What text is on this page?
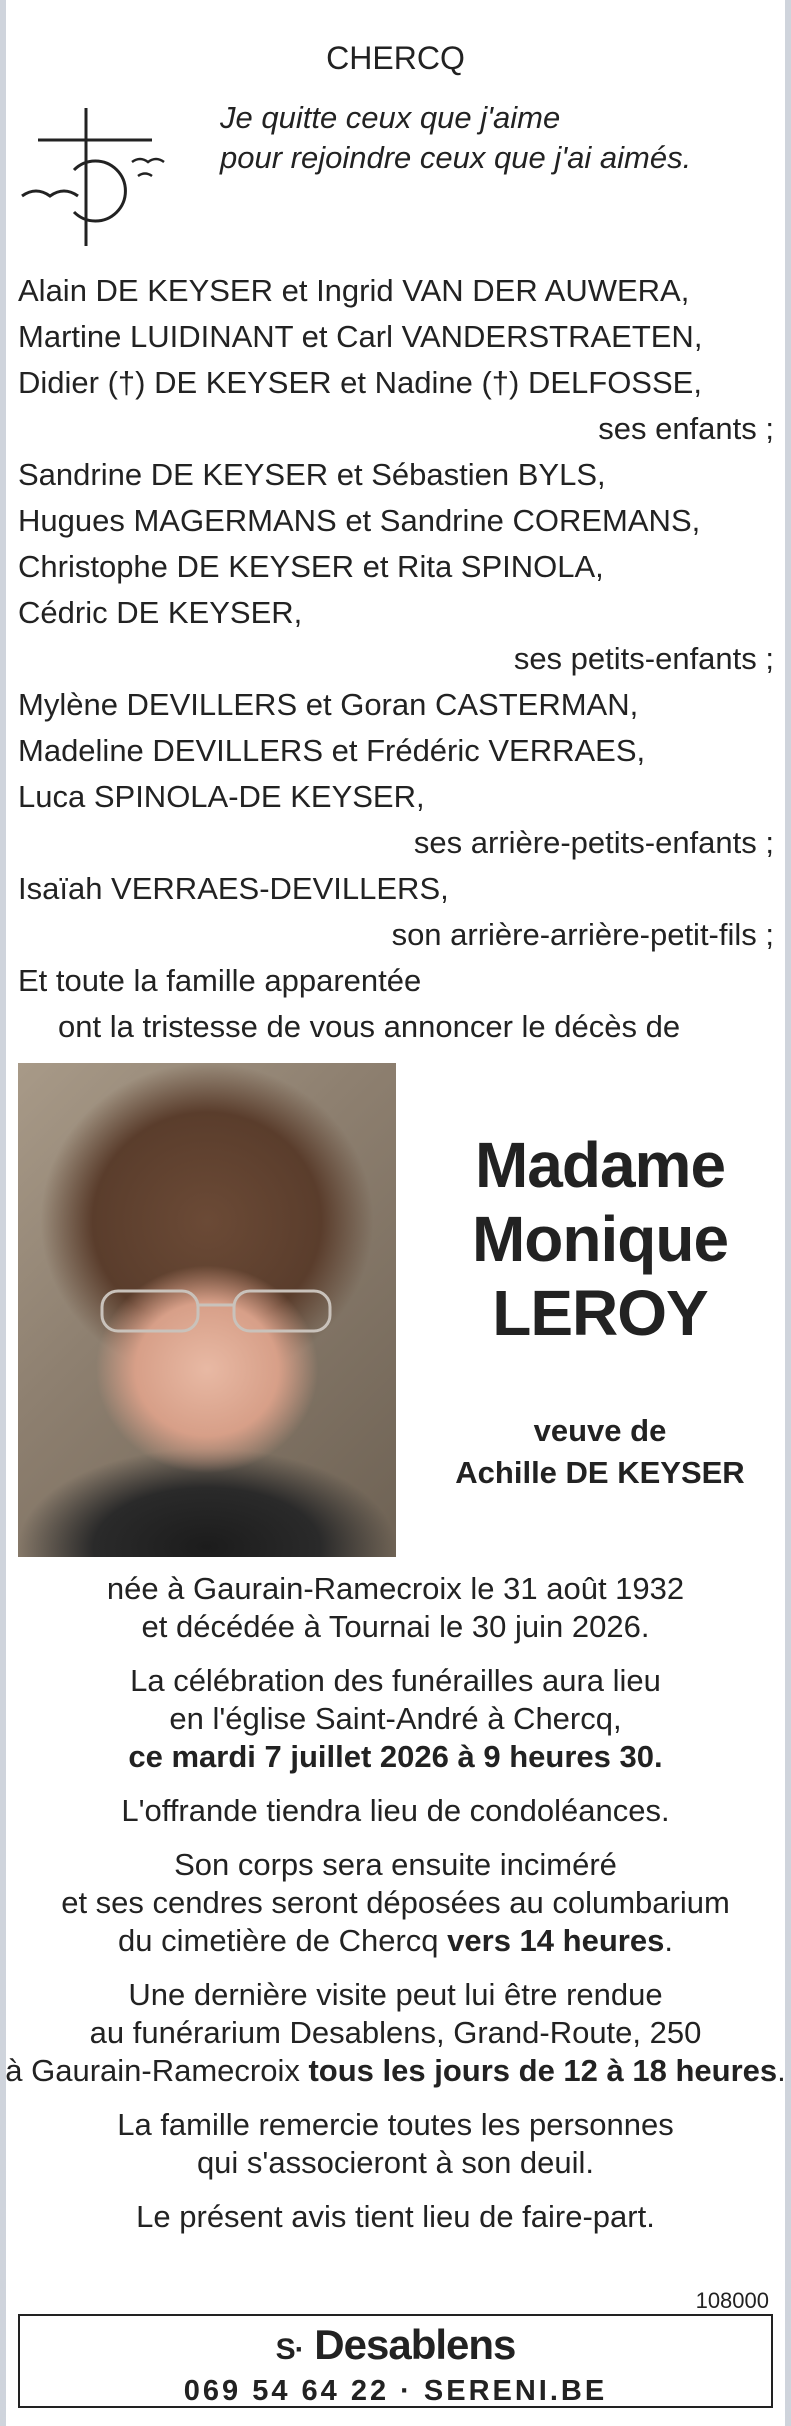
CHERCQ
Je quitte ceux que j'aime
pour rejoindre ceux que j'ai aimés.
Alain DE KEYSER et Ingrid VAN DER AUWERA,
Martine LUIDINANT et Carl VANDERSTRAETEN,
Didier (†) DE KEYSER et Nadine (†) DELFOSSE,
ses enfants ;
Sandrine DE KEYSER et Sébastien BYLS,
Hugues MAGERMANS et Sandrine COREMANS,
Christophe DE KEYSER et Rita SPINOLA,
Cédric DE KEYSER,
ses petits-enfants ;
Mylène DEVILLERS et Goran CASTERMAN,
Madeline DEVILLERS et Frédéric VERRAES,
Luca SPINOLA-DE KEYSER,
ses arrière-petits-enfants ;
Isaïah VERRAES-DEVILLERS,
son arrière-arrière-petit-fils ;
Et toute la famille apparentée
ont la tristesse de vous annoncer le décès de
Madame
Monique
LEROY
veuve de
Achille DE KEYSER

née à Gaurain-Ramecroix le 31 août 1932
et décédée à Tournai le 30 juin 2026.

La célébration des funérailles aura lieu
en l'église Saint-André à Chercq,
ce mardi 7 juillet 2026 à 9 heures 30.

L'offrande tiendra lieu de condoléances.

Son corps sera ensuite inciméré
et ses cendres seront déposées au columbarium
du cimetière de Chercq vers 14 heures.

Une dernière visite peut lui être rendue
au funérarium Desablens, Grand-Route, 250
à Gaurain-Ramecroix tous les jours de 12 à 18 heures.

La famille remercie toutes les personnes
qui s'associeront à son deuil.

Le présent avis tient lieu de faire-part.

108000
S· Desablens
069 54 64 22 · SERENI.BE
